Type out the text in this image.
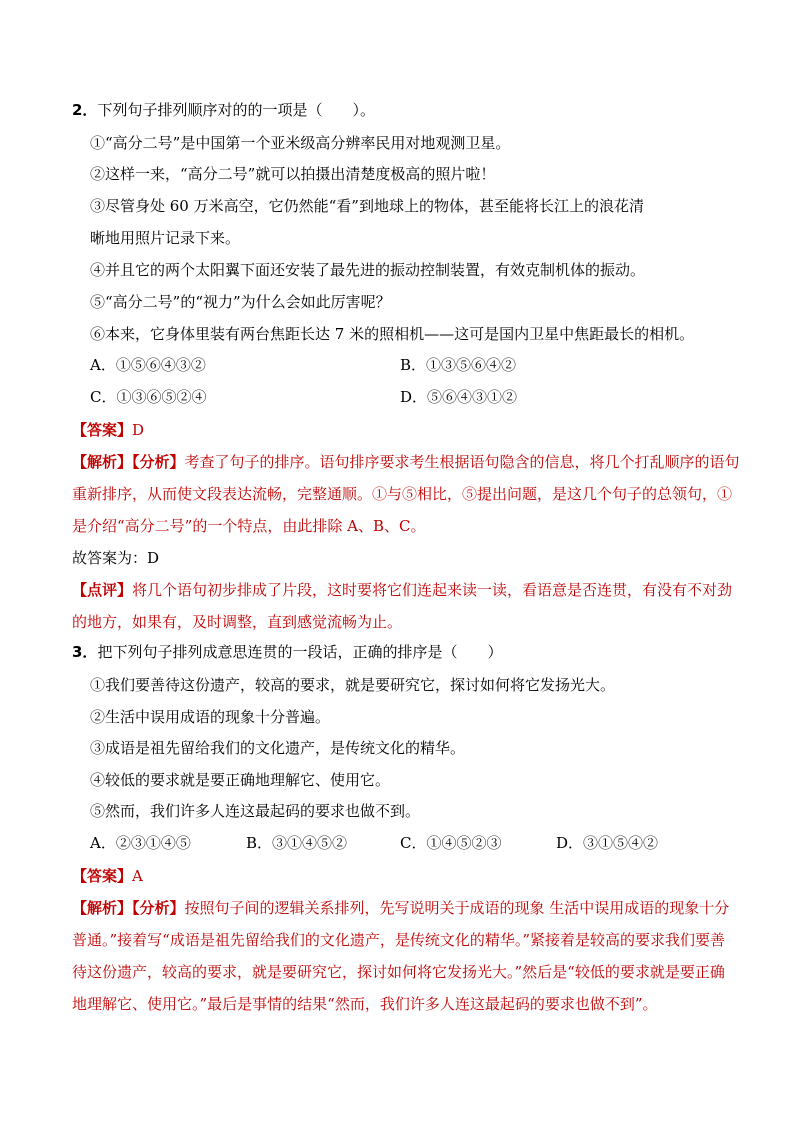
2．下列句子排列顺序对的的一项是（　　）。
①“高分二号”是中国第一个亚米级高分辨率民用对地观测卫星。
②这样一来，“高分二号”就可以拍摄出清楚度极高的照片啦！
③尽管身处 60 万米高空，它仍然能“看”到地球上的物体，甚至能将长江上的浪花清
晰地用照片记录下来。
④并且它的两个太阳翼下面还安装了最先进的振动控制装置，有效克制机体的振动。
⑤“高分二号”的“视力”为什么会如此厉害呢？
⑥本来，它身体里装有两台焦距长达 7 米的照相机——这可是国内卫星中焦距最长的相机。
A．①⑤⑥④③②	B．①③⑤⑥④②
C．①③⑥⑤②④	D．⑤⑥④③①②
【答案】D
【解析】【分析】考查了句子的排序。语句排序要求考生根据语句隐含的信息，将几个打乱顺序的语句
重新排序，从而使文段表达流畅，完整通顺。①与⑤相比，⑤提出问题，是这几个句子的总领句，①
是介绍“高分二号”的一个特点，由此排除 A、B、C。
故答案为：D
【点评】将几个语句初步排成了片段，这时要将它们连起来读一读，看语意是否连贯，有没有不对劲
的地方，如果有，及时调整，直到感觉流畅为止。
3．把下列句子排列成意思连贯的一段话，正确的排序是（　　）
①我们要善待这份遗产，较高的要求，就是要研究它，探讨如何将它发扬光大。
②生活中误用成语的现象十分普遍。
③成语是祖先留给我们的文化遗产，是传统文化的精华。
④较低的要求就是要正确地理解它、使用它。
⑤然而，我们许多人连这最起码的要求也做不到。
A．②③①④⑤	B．③①④⑤②	C．①④⑤②③	D．③①⑤④②
【答案】A
【解析】【分析】按照句子间的逻辑关系排列，先写说明关于成语的现象 生活中误用成语的现象十分
普通。”接着写“成语是祖先留给我们的文化遗产，是传统文化的精华。”紧接着是较高的要求我们要善
待这份遗产，较高的要求，就是要研究它，探讨如何将它发扬光大。”然后是“较低的要求就是要正确
地理解它、使用它。”最后是事情的结果“然而，我们许多人连这最起码的要求也做不到”。
